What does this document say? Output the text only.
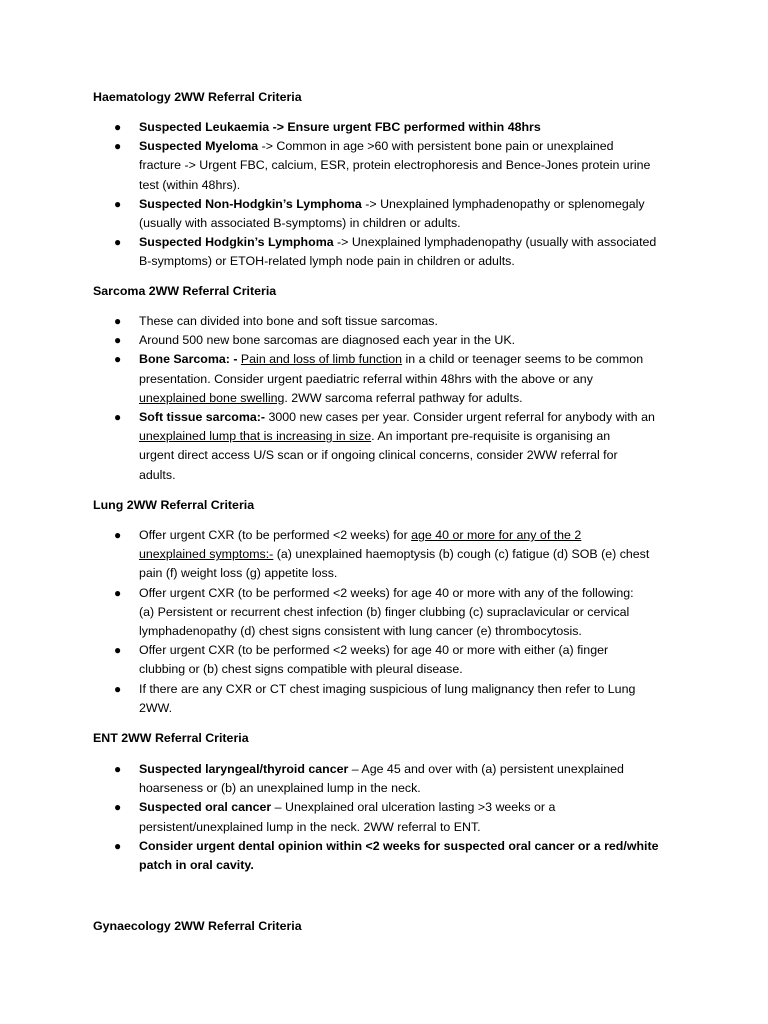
Haematology 2WW Referral Criteria
● Suspected Leukaemia -> Ensure urgent FBC performed within 48hrs
● Suspected Myeloma -> Common in age >60 with persistent bone pain or unexplained
fracture -> Urgent FBC, calcium, ESR, protein electrophoresis and Bence-Jones protein urine
test (within 48hrs).
● Suspected Non-Hodgkin’s Lymphoma -> Unexplained lymphadenopathy or splenomegaly
(usually with associated B-symptoms) in children or adults.
● Suspected Hodgkin’s Lymphoma -> Unexplained lymphadenopathy (usually with associated
B-symptoms) or ETOH-related lymph node pain in children or adults.
Sarcoma 2WW Referral Criteria
● These can divided into bone and soft tissue sarcomas.
● Around 500 new bone sarcomas are diagnosed each year in the UK.
● Bone Sarcoma: - Pain and loss of limb function in a child or teenager seems to be common
presentation. Consider urgent paediatric referral within 48hrs with the above or any
unexplained bone swelling. 2WW sarcoma referral pathway for adults.
● Soft tissue sarcoma:- 3000 new cases per year. Consider urgent referral for anybody with an
unexplained lump that is increasing in size. An important pre-requisite is organising an
urgent direct access U/S scan or if ongoing clinical concerns, consider 2WW referral for
adults.
Lung 2WW Referral Criteria
● Offer urgent CXR (to be performed <2 weeks) for age 40 or more for any of the 2
unexplained symptoms:- (a) unexplained haemoptysis (b) cough (c) fatigue (d) SOB (e) chest
pain (f) weight loss (g) appetite loss.
● Offer urgent CXR (to be performed <2 weeks) for age 40 or more with any of the following:
(a) Persistent or recurrent chest infection (b) finger clubbing (c) supraclavicular or cervical
lymphadenopathy (d) chest signs consistent with lung cancer (e) thrombocytosis.
● Offer urgent CXR (to be performed <2 weeks) for age 40 or more with either (a) finger
clubbing or (b) chest signs compatible with pleural disease.
● If there are any CXR or CT chest imaging suspicious of lung malignancy then refer to Lung
2WW.
ENT 2WW Referral Criteria
● Suspected laryngeal/thyroid cancer – Age 45 and over with (a) persistent unexplained
hoarseness or (b) an unexplained lump in the neck.
● Suspected oral cancer – Unexplained oral ulceration lasting >3 weeks or a
persistent/unexplained lump in the neck. 2WW referral to ENT.
● Consider urgent dental opinion within <2 weeks for suspected oral cancer or a red/white
patch in oral cavity.
Gynaecology 2WW Referral Criteria
